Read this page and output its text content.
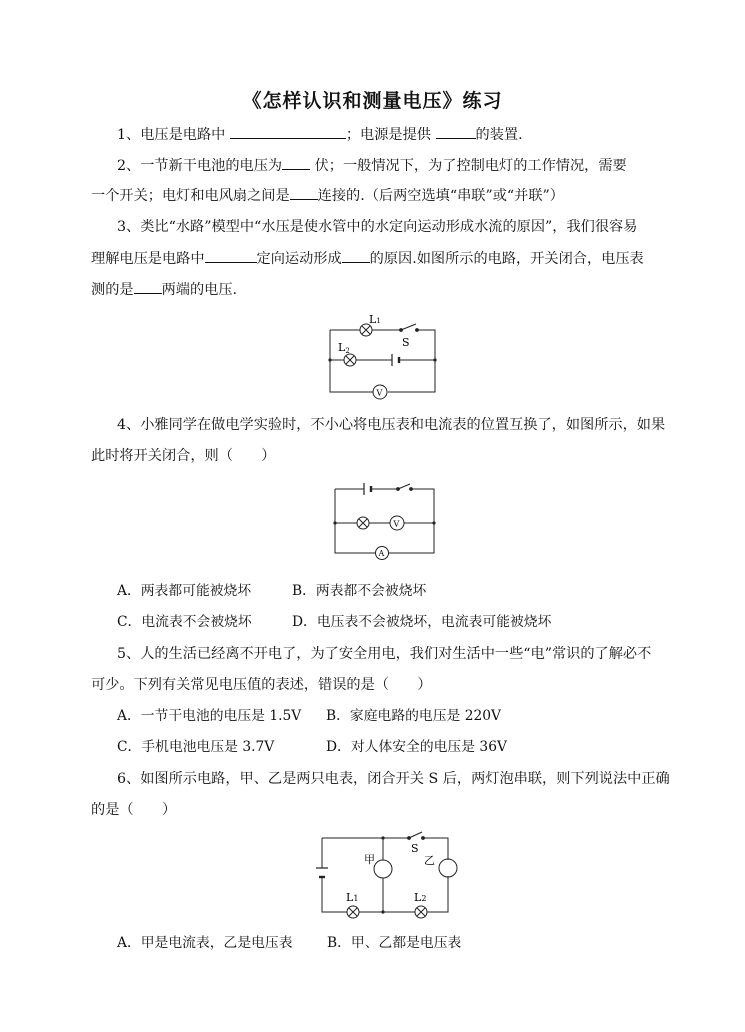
《怎样认识和测量电压》练习
1、电压是电路中	；电源是提供	的装置.
2、一节新干电池的电压为 伏；一般情况下，为了控制电灯的工作情况，需要
一个开关；电灯和电风扇之间是 连接的.（后两空选填“串联”或“并联”）
3、类比“水路”模型中“水压是使水管中的水定向运动形成水流的原因”，我们很容易
理解电压是电路中	定向运动形成 的原因.如图所示的电路，开关闭合，电压表
测的是 两端的电压.
L1
L2
S
V
4、小雅同学在做电学实验时，不小心将电压表和电流表的位置互换了，如图所示，如果
此时将开关闭合，则（　　）
V
A
A．两表都可能被烧坏	B．两表都不会被烧坏
C．电流表不会被烧坏	D．电压表不会被烧坏，电流表可能被烧坏
5、人的生活已经离不开电了，为了安全用电，我们对生活中一些“电”常识的了解必不
可少。下列有关常见电压值的表述，错误的是（　　）
A．一节干电池的电压是 1.5V B．家庭电路的电压是 220V
C．手机电池电压是 3.7V	D．对人体安全的电压是 36V
6、如图所示电路，甲、乙是两只电表，闭合开关 S 后，两灯泡串联，则下列说法中正确
的是（　　）
甲	乙
S
L1	L2
A．甲是电流表，乙是电压表 B．甲、乙都是电压表
